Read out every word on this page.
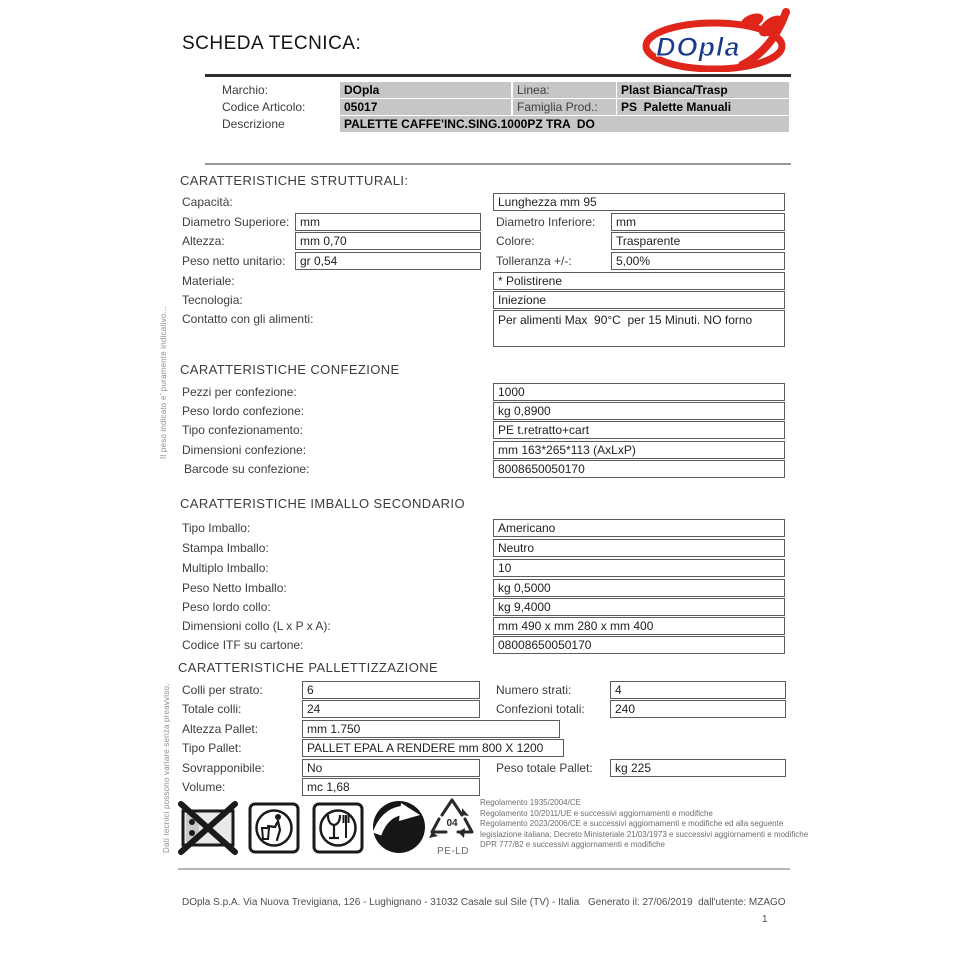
SCHEDA TECNICA:	DOpla
Marchio:	DOpla	Linea:	Plast Bianca/Trasp
Codice Articolo:	05017	Famiglia Prod.:	PS  Palette Manuali
Descrizione	PALETTE CAFFE'INC.SING.1000PZ TRA  DO
CARATTERISTICHE STRUTTURALI:
Capacità:	Lunghezza mm 95
Diametro Superiore: mm	Diametro Inferiore:	mm
Altezza:	mm 0,70	Colore:	Trasparente
Peso netto unitario:	gr 0,54	Tolleranza +/-:	5,00%
Materiale:	* Polistirene
Tecnologia:	Iniezione
Contatto con gli alimenti:	Per alimenti Max  90°C  per 15 Minuti. NO forno
Il peso indicato e' puramente indicativo... CARATTERISTICHE CONFEZIONE
Pezzi per confezione:	1000
Peso lordo confezione:	kg 0,8900
Tipo confezionamento:	PE t.retratto+cart
Dimensioni confezione:	mm 163*265*113 (AxLxP)
Barcode su confezione:	8008650050170
CARATTERISTICHE IMBALLO SECONDARIO
Tipo Imballo:	Americano
Stampa Imballo:	Neutro
Multiplo Imballo:	10
Peso Netto Imballo:	kg 0,5000
Peso lordo collo:	kg 9,4000
Dimensioni collo (L x P x A):	mm 490 x mm 280 x mm 400
Codice ITF su cartone:	08008650050170
CARATTERISTICHE PALLETTIZZAZIONE
Colli per strato:	6	Numero strati:	4
Totale colli:	24	Confezioni totali:	240
Altezza Pallet:	mm 1.750
Tipo Pallet:	PALLET EPAL A RENDERE mm 800 X 1200
Sovrapponibile:	No	Peso totale Pallet:	kg 225
Volume:	mc 1,68
Dati tecnici possono variare senza preavviso.	04
PE-LD
Regolamento 1935/2004/CE
Regolamento 10/2011/UE e successivi aggiornamenti e modifiche
Regolamento 2023/2006/CE e successivi aggiornamenti e modifiche ed alla seguente
legislazione italiana: Decreto Ministeriale 21/03/1973 e successivi aggiornamenti e modifiche
DPR 777/82 e successivi aggiornamenti e modifiche
DOpla S.p.A. Via Nuova Trevigiana, 126 - Lughignano - 31032 Casale sul Sile (TV) - Italia Generato il: 27/06/2019  dall'utente: MZAGO
1
